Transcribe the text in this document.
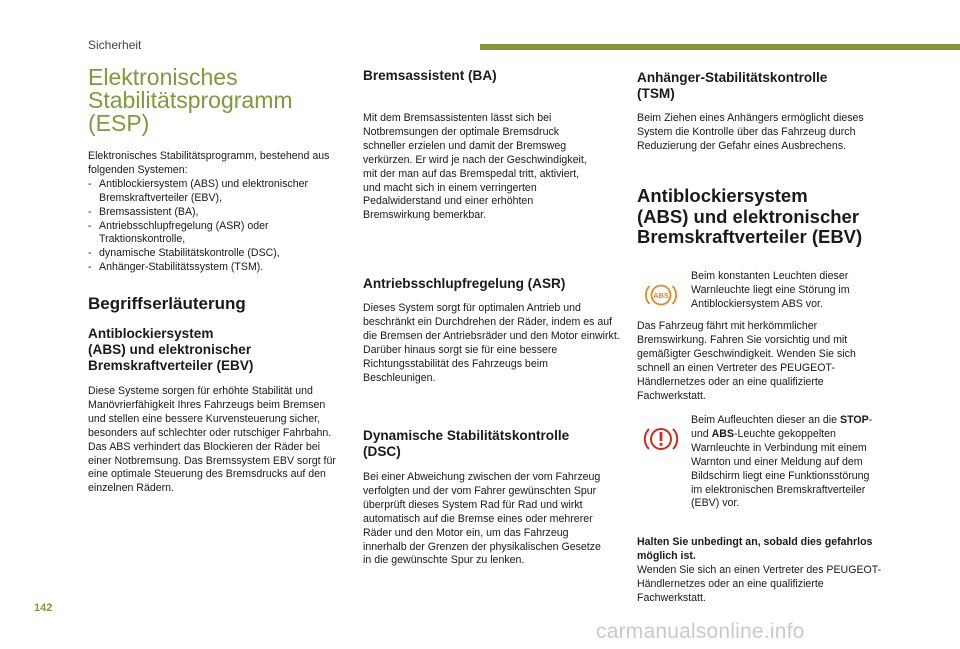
Sicherheit
Elektronisches
Stabilitätsprogramm
(ESP)

Elektronisches Stabilitätsprogramm, bestehend aus folgenden Systemen:

- Antiblockiersystem (ABS) und elektronischer Bremskraftverteiler (EBV),
- Bremsassistent (BA),
- Antriebsschlupfregelung (ASR) oder Traktionskontrolle,
- dynamische Stabilitätskontrolle (DSC),
- Anhänger-Stabilitätssystem (TSM).
Begriffserläuterung
Antiblockiersystem
(ABS) und elektronischer
Bremskraftverteiler (EBV)

Diese Systeme sorgen für erhöhte Stabilität und Manövrierfähigkeit Ihres Fahrzeugs beim Bremsen und stellen eine bessere Kurvensteuerung sicher, besonders auf schlechter oder rutschiger Fahrbahn. Das ABS verhindert das Blockieren der Räder bei einer Notbremsung. Das Bremssystem EBV sorgt für eine optimale Steuerung des Bremsdrucks auf den einzelnen Rädern.

Bremsassistent (BA)

Mit dem Bremsassistenten lässt sich bei Notbremsungen der optimale Bremsdruck schneller erzielen und damit der Bremsweg verkürzen. Er wird je nach der Geschwindigkeit, mit der man auf das Bremspedal tritt, aktiviert, und macht sich in einem verringerten Pedalwiderstand und einer erhöhten Bremswirkung bemerkbar.

Antriebsschlupfregelung (ASR)

Dieses System sorgt für optimalen Antrieb und beschränkt ein Durchdrehen der Räder, indem es auf die Bremsen der Antriebsräder und den Motor einwirkt. Darüber hinaus sorgt sie für eine bessere Richtungsstabilität des Fahrzeugs beim Beschleunigen.

Dynamische Stabilitätskontrolle
(DSC)

Bei einer Abweichung zwischen der vom Fahrzeug verfolgten und der vom Fahrer gewünschten Spur überprüft dieses System Rad für Rad und wirkt automatisch auf die Bremse eines oder mehrerer Räder und den Motor ein, um das Fahrzeug innerhalb der Grenzen der physikalischen Gesetze in die gewünschte Spur zu lenken.

Anhänger-Stabilitätskontrolle
(TSM)

Beim Ziehen eines Anhängers ermöglicht dieses System die Kontrolle über das Fahrzeug durch Reduzierung der Gefahr eines Ausbrechens.

Antiblockiersystem
(ABS) und elektronischer
Bremskraftverteiler (EBV)
ABS

Beim konstanten Leuchten dieser Warnleuchte liegt eine Störung im Antiblockiersystem ABS vor.

Das Fahrzeug fährt mit herkömmlicher Bremswirkung. Fahren Sie vorsichtig und mit gemäßigter Geschwindigkeit. Wenden Sie sich schnell an einen Vertreter des PEUGEOT-Händlernetzes oder an eine qualifizierte Fachwerkstatt.

Beim Aufleuchten dieser an die STOP- und ABS-Leuchte gekoppelten Warnleuchte in Verbindung mit einem Warnton und einer Meldung auf dem Bildschirm liegt eine Funktionsstörung im elektronischen Bremskraftverteiler (EBV) vor.

Halten Sie unbedingt an, sobald dies gefahrlos möglich ist.

Wenden Sie sich an einen Vertreter des PEUGEOT-Händlernetzes oder an eine qualifizierte Fachwerkstatt.

142
carmanualsonline.info
